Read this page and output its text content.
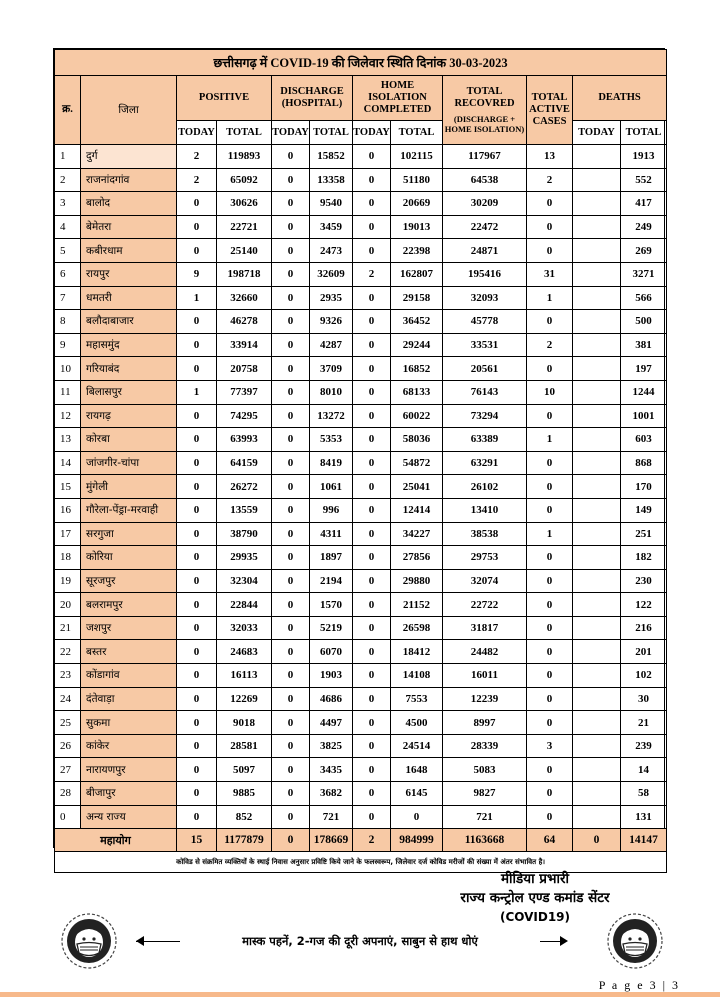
छत्तीसगढ़ में COVID-19 की जिलेवार स्थिति दिनांक 30-03-2023											
क्र.	जिला	POSITIVE		DISCHARGE (HOSPITAL)		HOME ISOLATION COMPLETED		TOTAL RECOVRED
(DISCHARGE + HOME ISOLATION)	TOTAL ACTIVE CASES	DEATHS	
		TODAY	TOTAL	TODAY	TOTAL	TODAY	TOTAL			TODAY	TOTAL
1	दुर्ग	2	119893	0	15852	0	102115	117967	13		1913
2	राजनांदगांव	2	65092	0	13358	0	51180	64538	2		552
3	बालोद	0	30626	0	9540	0	20669	30209	0		417
4	बेमेतरा	0	22721	0	3459	0	19013	22472	0		249
5	कबीरधाम	0	25140	0	2473	0	22398	24871	0		269
6	रायपुर	9	198718	0	32609	2	162807	195416	31		3271
7	धमतरी	1	32660	0	2935	0	29158	32093	1		566
8	बलौदाबाजार	0	46278	0	9326	0	36452	45778	0		500
9	महासमुंद	0	33914	0	4287	0	29244	33531	2		381
10	गरियाबंद	0	20758	0	3709	0	16852	20561	0		197
11	बिलासपुर	1	77397	0	8010	0	68133	76143	10		1244
12	रायगढ़	0	74295	0	13272	0	60022	73294	0		1001
13	कोरबा	0	63993	0	5353	0	58036	63389	1		603
14	जांजगीर-चांपा	0	64159	0	8419	0	54872	63291	0		868
15	मुंगेली	0	26272	0	1061	0	25041	26102	0		170
16	गौरेला-पेंड्रा-मरवाही	0	13559	0	996	0	12414	13410	0		149
17	सरगुजा	0	38790	0	4311	0	34227	38538	1		251
18	कोरिया	0	29935	0	1897	0	27856	29753	0		182
19	सूरजपुर	0	32304	0	2194	0	29880	32074	0		230
20	बलरामपुर	0	22844	0	1570	0	21152	22722	0		122
21	जशपुर	0	32033	0	5219	0	26598	31817	0		216
22	बस्तर	0	24683	0	6070	0	18412	24482	0		201
23	कोंडागांव	0	16113	0	1903	0	14108	16011	0		102
24	दंतेवाड़ा	0	12269	0	4686	0	7553	12239	0		30
25	सुकमा	0	9018	0	4497	0	4500	8997	0		21
26	कांकेर	0	28581	0	3825	0	24514	28339	3		239
27	नारायणपुर	0	5097	0	3435	0	1648	5083	0		14
28	बीजापुर	0	9885	0	3682	0	6145	9827	0		58
0	अन्य राज्य	0	852	0	721	0	0	721	0		131
महायोग		15	1177879	0	178669	2	984999	1163668	64	0	14147
कोविड से संक्रमित व्यक्तियों के स्थाई निवास अनुसार प्रविष्टि किये जाने के फलस्वरूप, जिलेवार दर्ज कोविड मरीजों की संख्या में अंतर संभावित है।											
मीडिया प्रभारी
राज्य कन्ट्रोल एण्ड कमांड सेंटर
(COVID19)
मास्क पहनें, 2-गज की दूरी अपनाएं, साबुन से हाथ धोएं
P a g e 3 | 3
